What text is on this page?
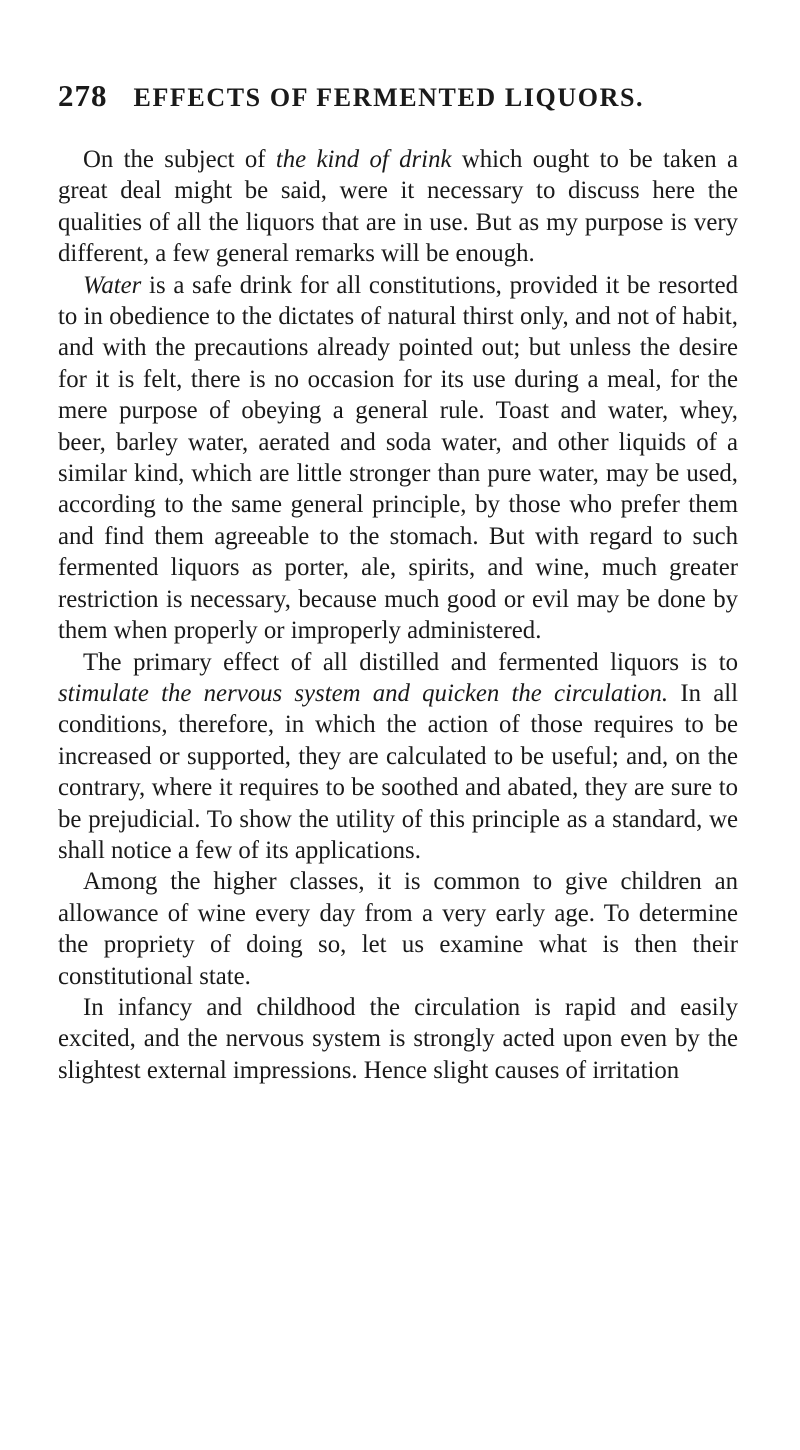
278 EFFECTS OF FERMENTED LIQUORS.

On the subject of the kind of drink which ought to be taken a great deal might be said, were it necessary to discuss here the qualities of all the liquors that are in use. But as my purpose is very different, a few general remarks will be enough.

Water is a safe drink for all constitutions, provided it be resorted to in obedience to the dictates of natural thirst only, and not of habit, and with the precautions already pointed out; but unless the desire for it is felt, there is no occasion for its use during a meal, for the mere purpose of obeying a general rule. Toast and water, whey, beer, barley water, aerated and soda water, and other liquids of a similar kind, which are little stronger than pure water, may be used, according to the same general principle, by those who prefer them and find them agreeable to the stomach. But with regard to such fermented liquors as porter, ale, spirits, and wine, much greater restriction is necessary, because much good or evil may be done by them when properly or improperly administered.

The primary effect of all distilled and fermented liquors is to stimulate the nervous system and quicken the circulation. In all conditions, therefore, in which the action of those requires to be increased or supported, they are calculated to be useful; and, on the contrary, where it requires to be soothed and abated, they are sure to be prejudicial. To show the utility of this principle as a standard, we shall notice a few of its applications.

Among the higher classes, it is common to give children an allowance of wine every day from a very early age. To determine the propriety of doing so, let us examine what is then their constitutional state.

In infancy and childhood the circulation is rapid and easily excited, and the nervous system is strongly acted upon even by the slightest external impressions. Hence slight causes of irritation
